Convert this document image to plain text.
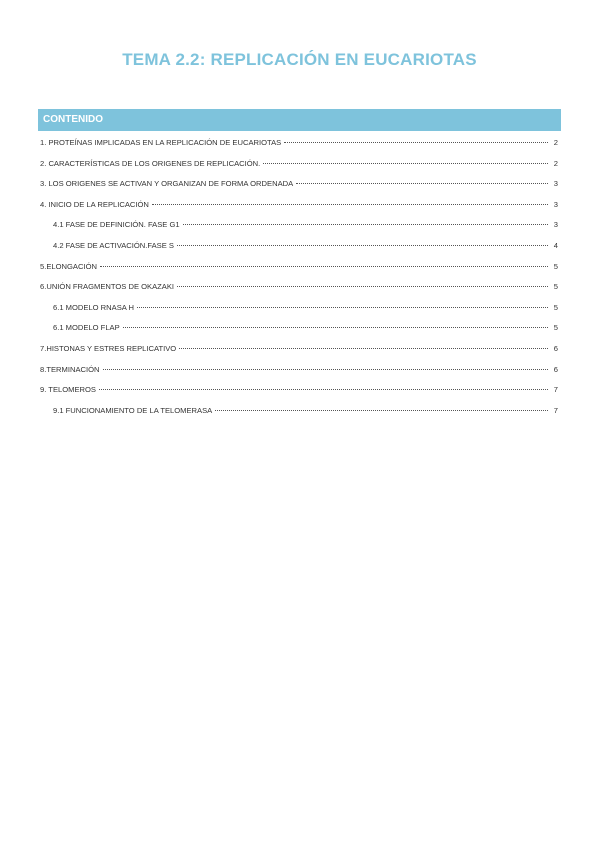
TEMA 2.2: REPLICACIÓN EN EUCARIOTAS
CONTENIDO
1. PROTEÍNAS IMPLICADAS EN LA REPLICACIÓN DE EUCARIOTAS	2
2. CARACTERÍSTICAS DE LOS ORIGENES DE REPLICACIÓN.	2
3. LOS ORIGENES SE ACTIVAN Y ORGANIZAN DE FORMA ORDENADA	3
4. INICIO DE LA REPLICACIÓN	3
4.1 FASE DE DEFINICIÓN. FASE G1	3
4.2 FASE DE ACTIVACIÓN.FASE S	4
5.ELONGACIÓN	5
6.UNIÓN FRAGMENTOS DE OKAZAKI	5
6.1 MODELO RNASA H	5
6.1 MODELO FLAP	5
7.HISTONAS Y ESTRES REPLICATIVO	6
8.TERMINACIÓN	6
9. TELOMEROS	7
9.1 FUNCIONAMIENTO DE LA TELOMERASA	7
